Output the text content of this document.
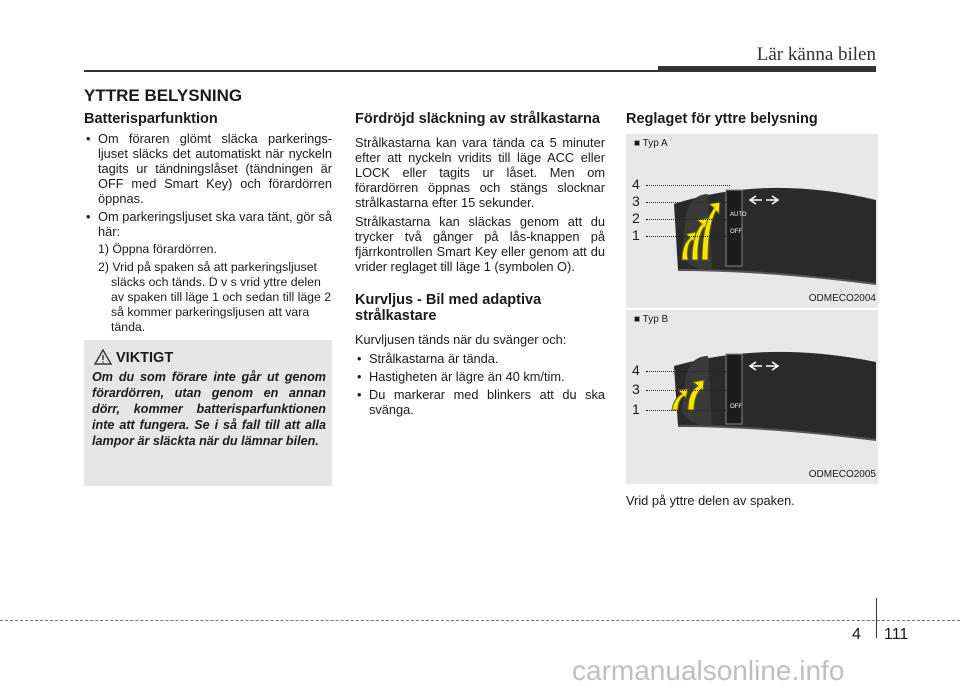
Lär känna bilen
YTTRE BELYSNING
Batterisparfunktion
• Om föraren glömt släcka parkerings-ljuset släcks det automatiskt när nyckeln tagits ur tändningslåset (tändningen är OFF med Smart Key) och förardörren öppnas.
• Om parkeringsljuset ska vara tänt, gör så här:
1) Öppna förardörren.
2) Vrid på spaken så att parkeringsljuset släcks och tänds. D v s vrid yttre delen av spaken till läge 1 och sedan till läge 2 så kommer parkeringsljusen att vara tända.
VIKTIGT
Om du som förare inte går ut genom förardörren, utan genom en annan dörr, kommer batterisparfunktionen inte att fungera. Se i så fall till att alla lampor är släckta när du lämnar bilen.
Fördröjd släckning av strålkastarna

Strålkastarna kan vara tända ca 5 minuter efter att nyckeln vridits till läge ACC eller LOCK eller tagits ur låset. Men om förardörren öppnas och stängs slocknar strålkastarna efter 15 sekunder.

Strålkastarna kan släckas genom att du trycker två gånger på lås-knappen på fjärrkontrollen Smart Key eller genom att du vrider reglaget till läge 1 (symbolen O).

Kurvljus - Bil med adaptiva strålkastare

Kurvljusen tänds när du svänger och:

• Strålkastarna är tända.
• Hastigheten är lägre än 40 km/tim.
• Du markerar med blinkers att du ska svänga.
Reglaget för yttre belysning
■ Typ A
4
3
2
1
AUTO
OFF
ODMECO2004
■ Typ B
4
3
1	OFF
ODMECO2005
Vrid på yttre delen av spaken.
4 111
carmanualsonline.info
